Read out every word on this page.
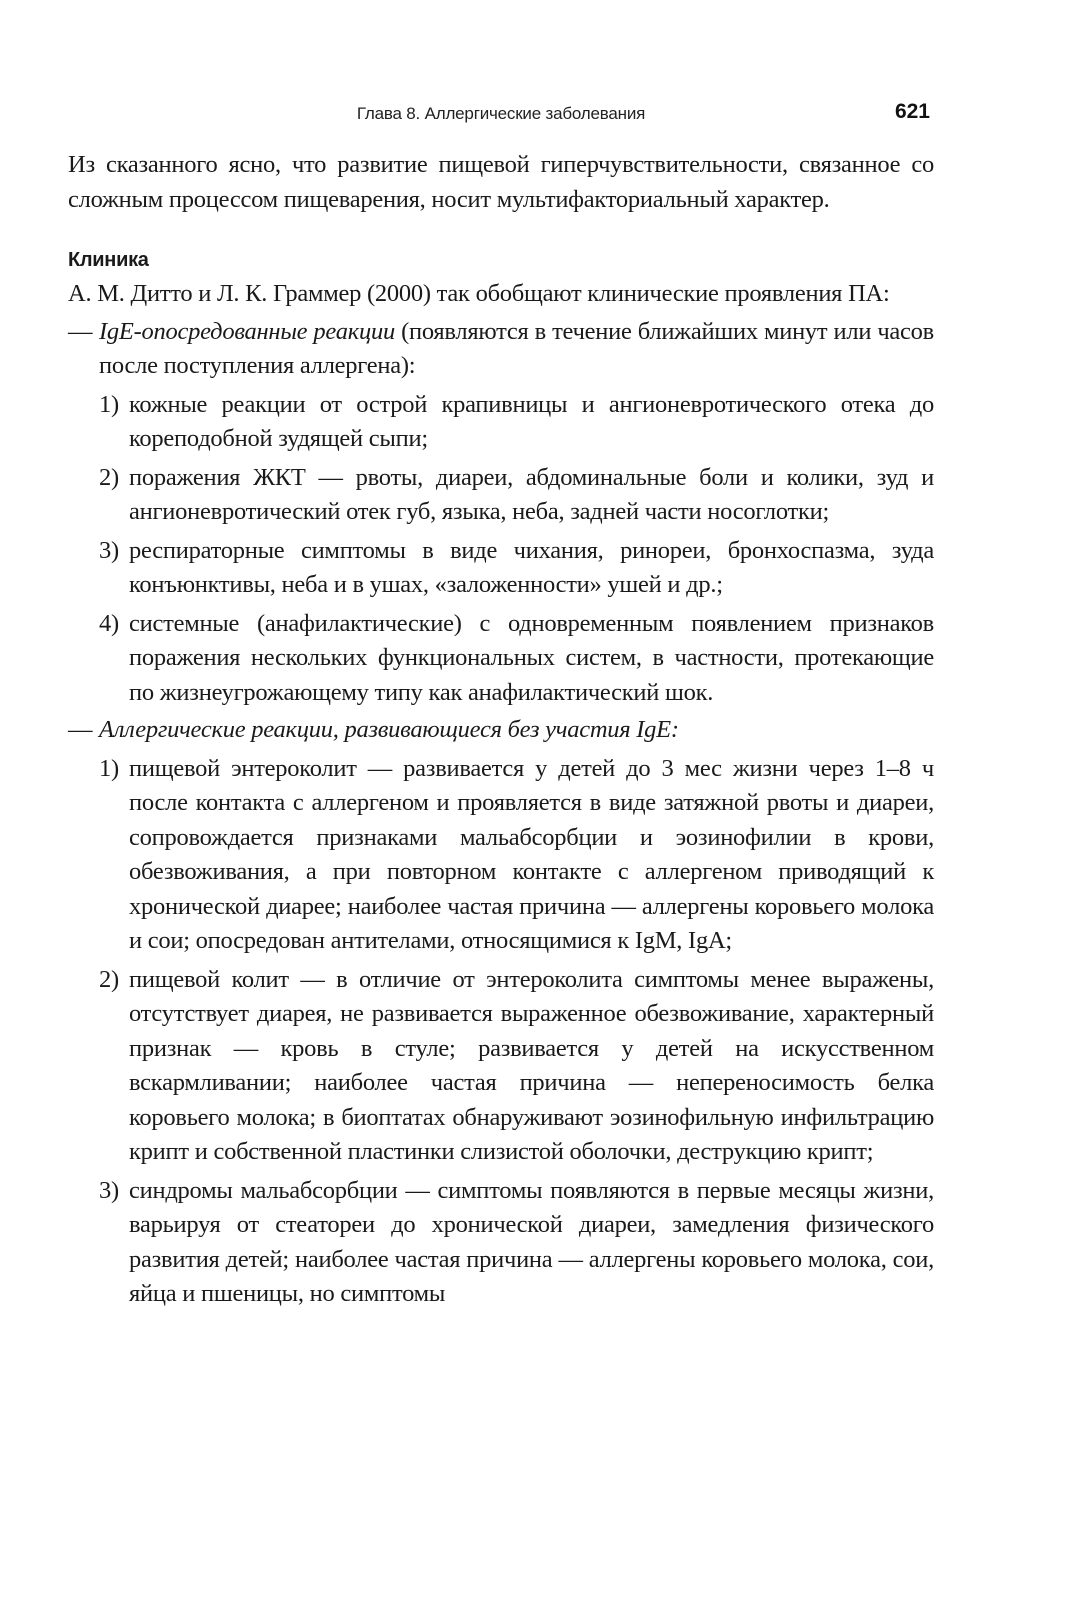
Глава 8. Аллергические заболевания	621

Из сказанного ясно, что развитие пищевой гиперчувствительности, связанное со сложным процессом пищеварения, носит мультифакториальный характер.

Клиника

А. М. Дитто и Л. К. Граммер (2000) так обобщают клинические проявления ПА:

— IgE-опосредованные реакции (появляются в течение ближайших минут или часов после поступления аллергена):
1) кожные реакции от острой крапивницы и ангионевротического отека до кореподобной зудящей сыпи;
2) поражения ЖКТ — рвоты, диареи, абдоминальные боли и колики, зуд и ангионевротический отек губ, языка, неба, задней части носоглотки;
3) респираторные симптомы в виде чихания, ринореи, бронхоспазма, зуда конъюнктивы, неба и в ушах, «заложенности» ушей и др.;
4) системные (анафилактические) с одновременным появлением признаков поражения нескольких функциональных систем, в частности, протекающие по жизнеугрожающему типу как анафилактический шок.
— Аллергические реакции, развивающиеся без участия IgE:
1) пищевой энтероколит — развивается у детей до 3 мес жизни через 1–8 ч после контакта с аллергеном и проявляется в виде затяжной рвоты и диареи, сопровождается признаками мальабсорбции и эозинофилии в крови, обезвоживания, а при повторном контакте с аллергеном приводящий к хронической диарее; наиболее частая причина — аллергены коровьего молока и сои; опосредован антителами, относящимися к IgM, IgA;
2) пищевой колит — в отличие от энтероколита симптомы менее выражены, отсутствует диарея, не развивается выраженное обезвоживание, характерный признак — кровь в стуле; развивается у детей на искусственном вскармливании; наиболее частая причина — непереносимость белка коровьего молока; в биоптатах обнаруживают эозинофильную инфильтрацию крипт и собственной пластинки слизистой оболочки, деструкцию крипт;
3) синдромы мальабсорбции — симптомы появляются в первые месяцы жизни, варьируя от стеатореи до хронической диареи, замедления физического развития детей; наиболее частая причина — аллергены коровьего молока, сои, яйца и пшеницы, но симптомы
